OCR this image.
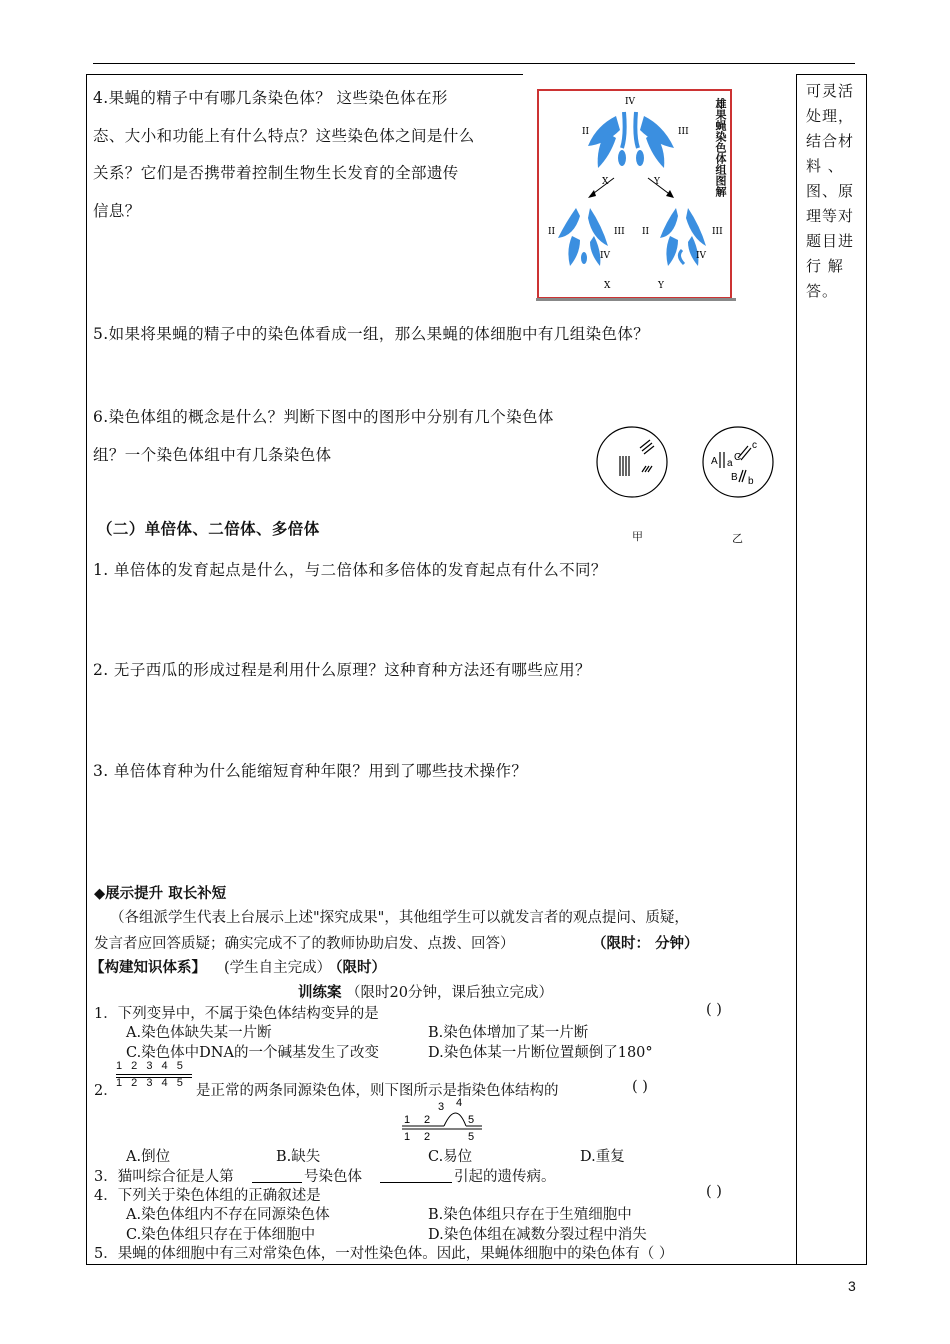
4.果蝇的精子中有哪几条染色体？ 这些染色体在形
态、大小和功能上有什么特点？这些染色体之间是什么
关系？它们是否携带着控制生物生长发育的全部遗传
信息？
IV
II	III
X	Y
II	III
IV
II	III
IV
X	Y
雄果蝇染色体组图解
可灵活
处理，
结合材
料 、
图、原
理等对
题目进
行 解
答。
5.如果将果蝇的精子中的染色体看成一组，那么果蝇的体细胞中有几组染色体？
6.染色体组的概念是什么？判断下图中的图形中分别有几个染色体
组？一个染色体组中有几条染色体	A a
C
c
B b
甲	乙
（二）单倍体、二倍体、多倍体
1. 单倍体的发育起点是什么，与二倍体和多倍体的发育起点有什么不同？
2. 无子西瓜的形成过程是利用什么原理？这种育种方法还有哪些应用？
3. 单倍体育种为什么能缩短育种年限？用到了哪些技术操作？
◆展示提升 取长补短
（各组派学生代表上台展示上述"探究成果"，其他组学生可以就发言者的观点提问、质疑，
发言者应回答质疑；确实完成不了的教师协助启发、点拨、回答）	（限时： 分钟）
【构建知识体系】 (学生自主完成）
（限时）
训练案 （限时20分钟，课后独立完成）
1．下列变异中，不属于染色体结构变异的是	( )
A.染色体缺失某一片断	B.染色体增加了某一片断
C.染色体中DNA的一个碱基发生了改变	D.染色体某一片断位置颠倒了180°
2．
1 2 3 4 5
1 2 3 4 5 是正常的两条同源染色体，则下图所示是指染色体结构的	( )
1 2
3 4
5
1 2	5
A.倒位	B.缺失	C.易位	D.重复
3．猫叫综合征是人第	号染色体	引起的遗传病。
4．下列关于染色体组的正确叙述是	( )
A.染色体组内不存在同源染色体	B.染色体组只存在于生殖细胞中
C.染色体组只存在于体细胞中	D.染色体组在减数分裂过程中消失
5．果蝇的体细胞中有三对常染色体，一对性染色体。因此，果蝇体细胞中的染色体有（ ）
3
